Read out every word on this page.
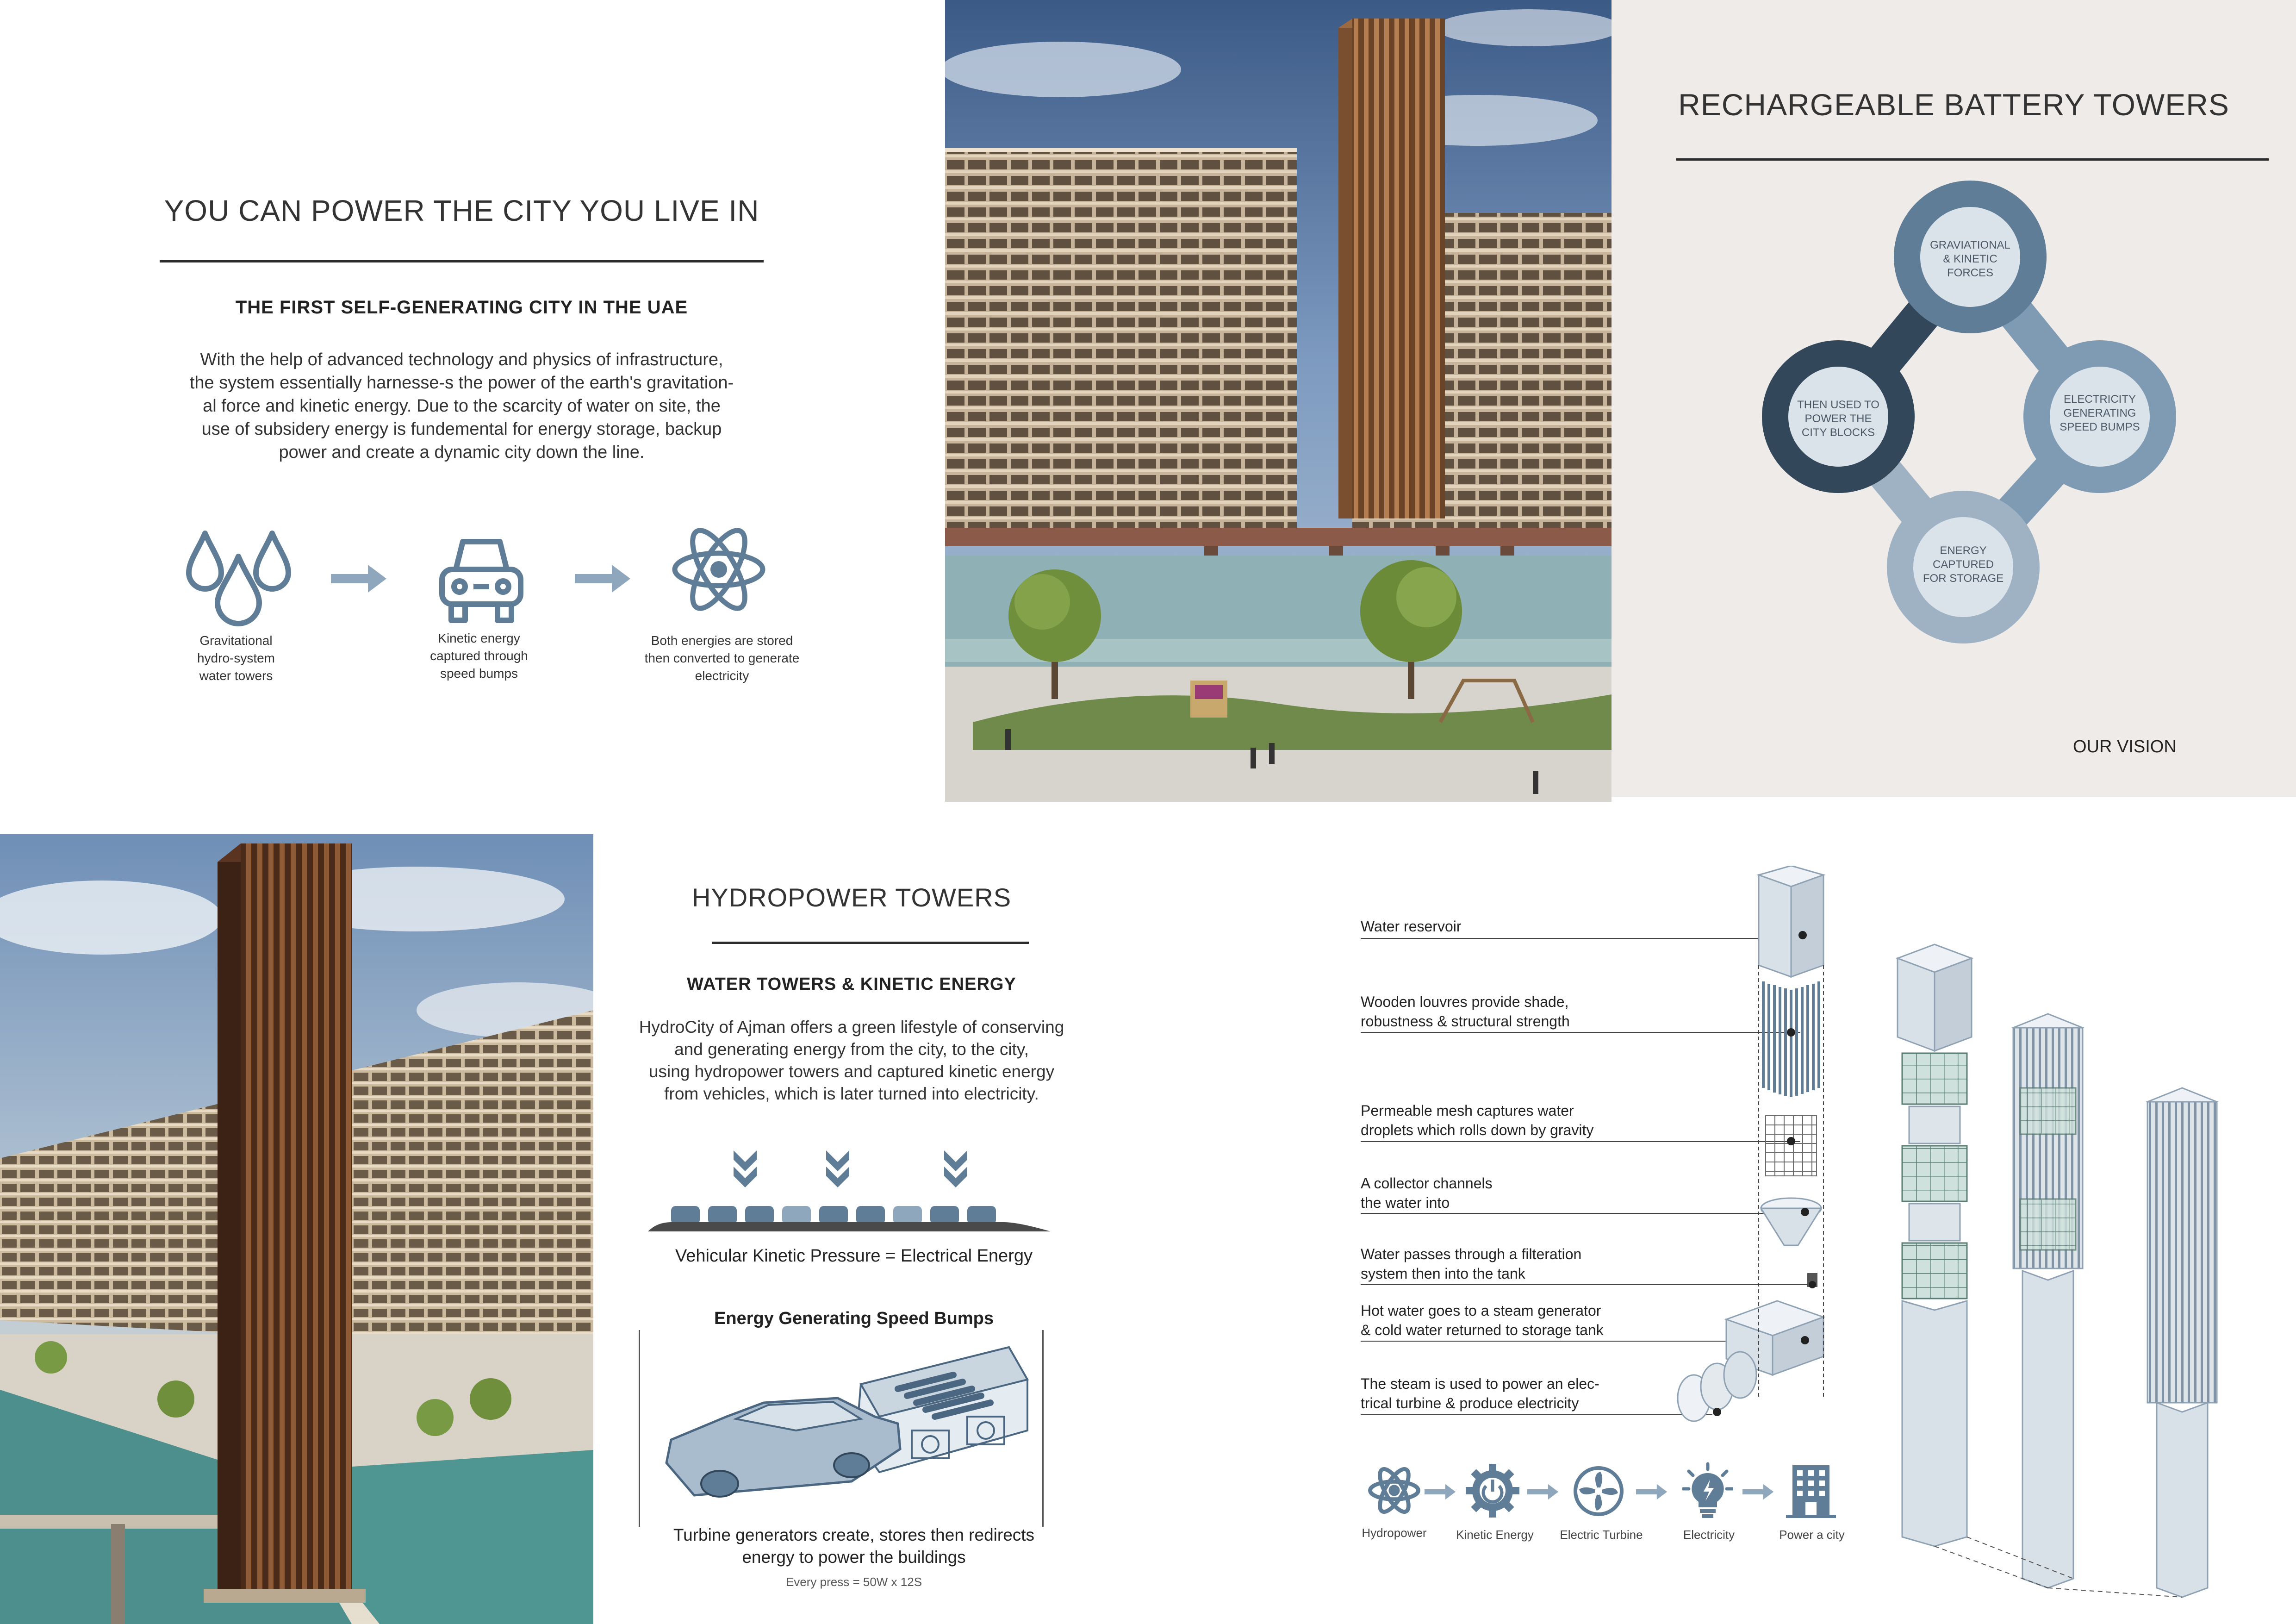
YOU CAN POWER THE CITY YOU LIVE IN
THE FIRST SELF-GENERATING CITY IN THE UAE
With the help of advanced technology and physics of infrastructure,
the system essentially harnesse-s the power of the earth's gravitation-
al force and kinetic energy. Due to the scarcity of water on site, the
use of subsidery energy is fundemental for energy storage, backup
power and create a dynamic city down the line.
Gravitational
hydro-system
water towers
Kinetic energy
captured through
speed bumps
Both energies are stored
then converted to generate
electricity
RECHARGEABLE BATTERY TOWERS
GRAVIATIONAL
& KINETIC
FORCES
ELECTRICITY
GENERATING
SPEED BUMPS
ENERGY
CAPTURED
FOR STORAGE
THEN USED TO
POWER THE
CITY BLOCKS
OUR VISION
HYDROPOWER TOWERS
WATER TOWERS & KINETIC ENERGY
HydroCity of Ajman offers a green lifestyle of conserving
and generating energy from the city, to the city,
using hydropower towers and captured kinetic energy
from vehicles, which is later turned into electricity.
Vehicular Kinetic Pressure = Electrical Energy
Energy Generating Speed Bumps
Turbine generators create, stores then redirects
energy to power the buildings
Every press = 50W x 12S
Water reservoir
Wooden louvres provide shade,
robustness & structural strength
Permeable mesh captures water
droplets which rolls down by gravity
A collector channels
the water into
Water passes through a filteration
system then into the tank
Hot water goes to a steam generator
& cold water returned to storage tank
The steam is used to power an elec-
trical turbine & produce electricity
Hydropower	Kinetic Energy	Electric Turbine	Electricity	Power a city
